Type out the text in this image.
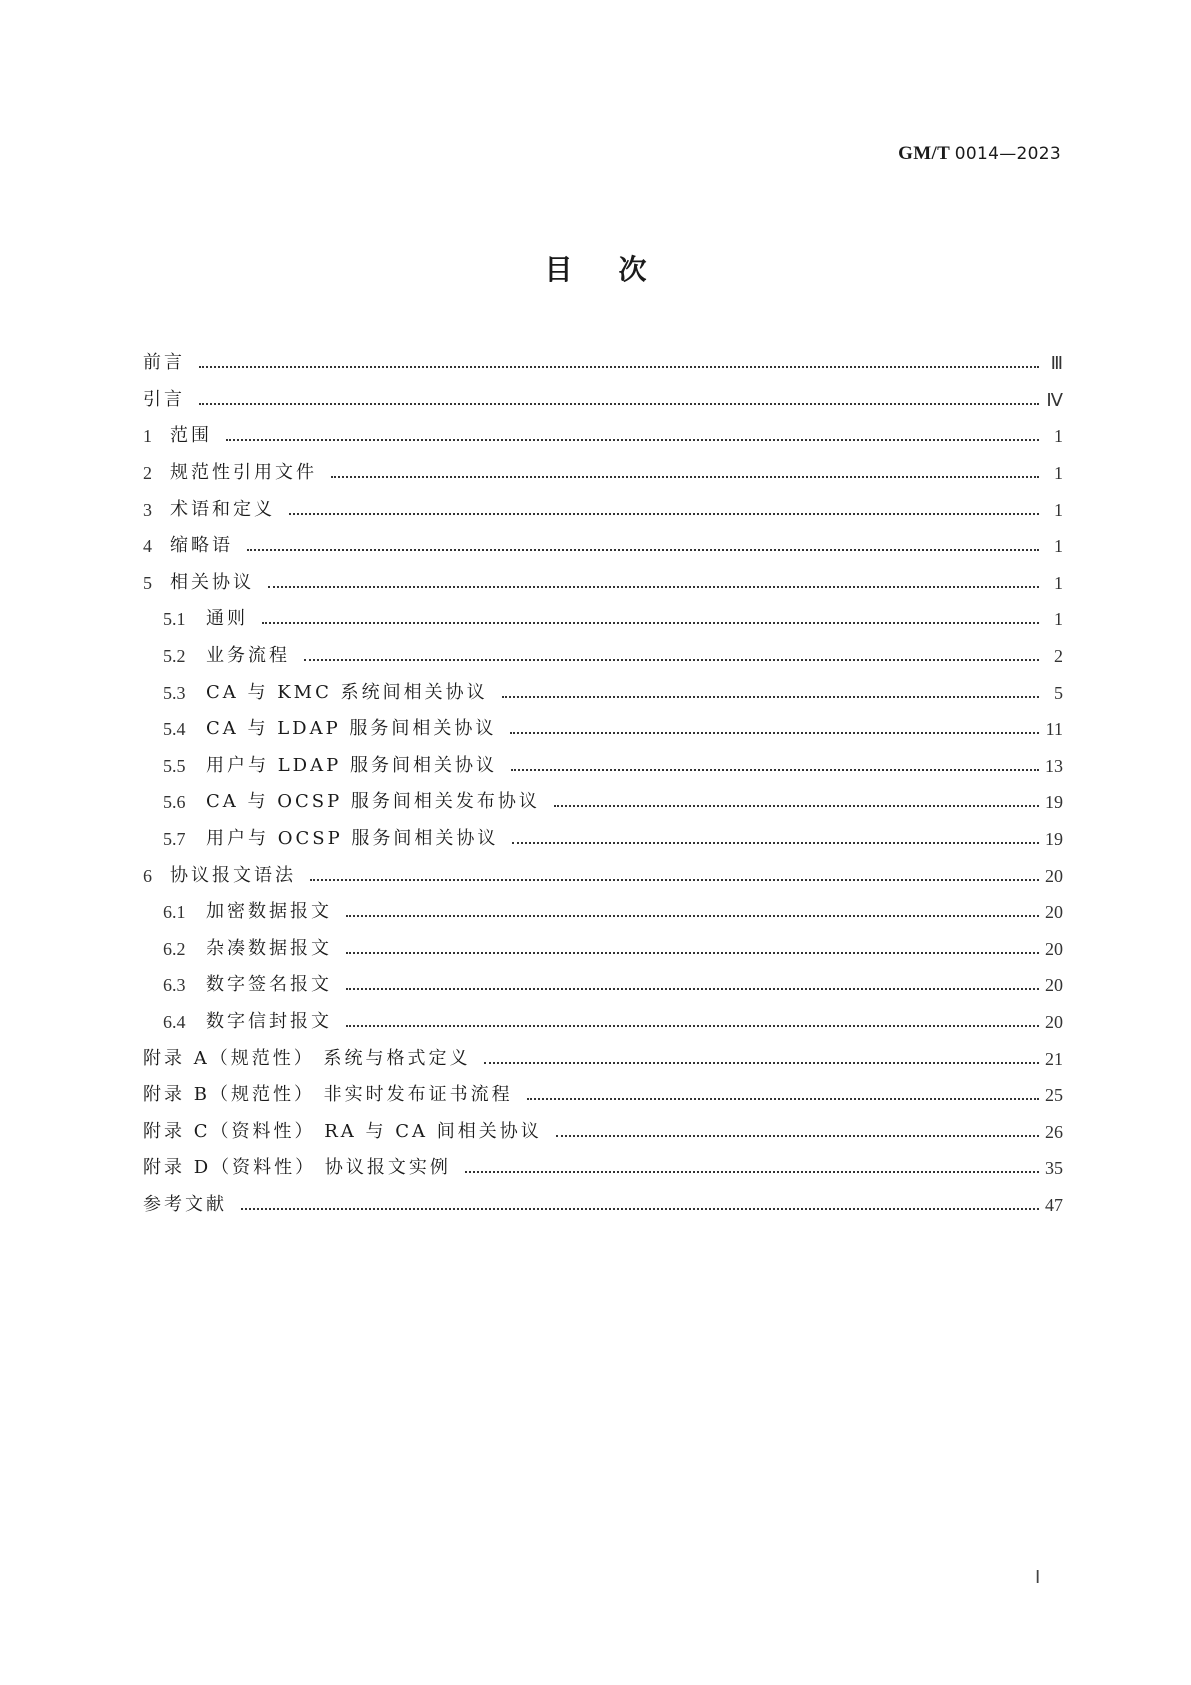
GM/T 0014—2023
目次
前言	Ⅲ
引言	Ⅳ
1	范围	1
2	规范性引用文件	1
3	术语和定义	1
4	缩略语	1
5	相关协议	1
5.1	通则	1
5.2	业务流程	2
5.3	CA 与 KMC 系统间相关协议	5
5.4	CA 与 LDAP 服务间相关协议	11
5.5	用户与 LDAP 服务间相关协议	13
5.6	CA 与 OCSP 服务间相关发布协议	19
5.7	用户与 OCSP 服务间相关协议	19
6	协议报文语法	20
6.1	加密数据报文	20
6.2	杂凑数据报文	20
6.3	数字签名报文	20
6.4	数字信封报文	20
附录 A（规范性） 系统与格式定义	21
附录 B（规范性） 非实时发布证书流程	25
附录 C（资料性） RA 与 CA 间相关协议	26
附录 D（资料性） 协议报文实例	35
参考文献	47
Ⅰ
